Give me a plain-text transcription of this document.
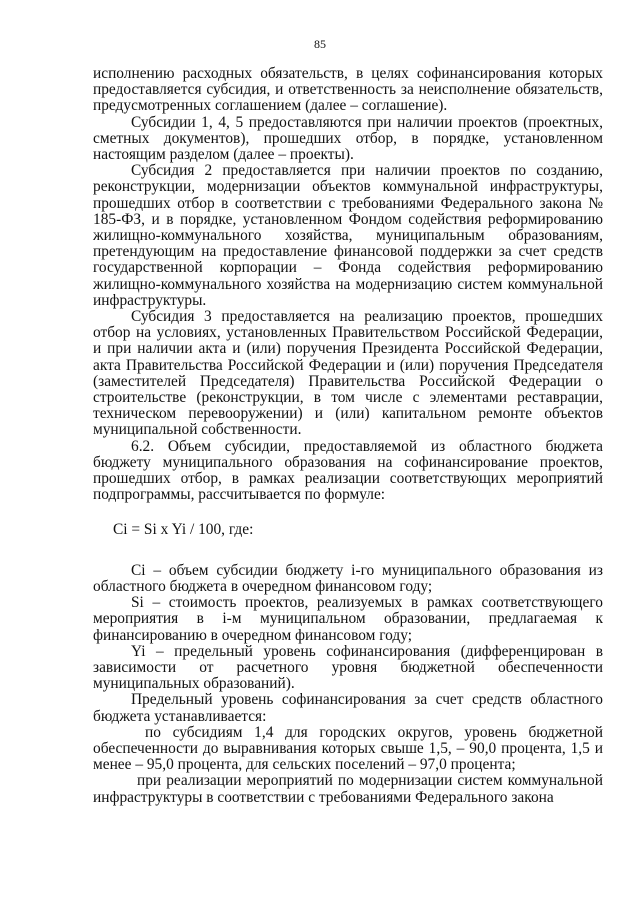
85

исполнению расходных обязательств, в целях софинансирования которых предоставляется субсидия, и ответственность за неисполнение обязательств, предусмотренных соглашением (далее – соглашение).

Субсидии 1, 4, 5 предоставляются при наличии проектов (проектных, сметных документов), прошедших отбор, в порядке, установленном настоящим разделом (далее – проекты).

Субсидия 2 предоставляется при наличии проектов по созданию, реконструкции, модернизации объектов коммунальной инфраструктуры, прошедших отбор в соответствии с требованиями Федерального закона № 185-ФЗ, и в порядке, установленном Фондом содействия реформированию жилищно-коммунального хозяйства, муниципальным образованиям, претендующим на предоставление финансовой поддержки за счет средств государственной корпорации – Фонда содействия реформированию жилищно-коммунального хозяйства на модернизацию систем коммунальной инфраструктуры.

Субсидия 3 предоставляется на реализацию проектов, прошедших отбор на условиях, установленных Правительством Российской Федерации, и при наличии акта и (или) поручения Президента Российской Федерации, акта Правительства Российской Федерации и (или) поручения Председателя (заместителей Председателя) Правительства Российской Федерации о строительстве (реконструкции, в том числе с элементами реставрации, техническом перевооружении) и (или) капитальном ремонте объектов муниципальной собственности.

6.2. Объем субсидии, предоставляемой из областного бюджета бюджету муниципального образования на софинансирование проектов, прошедших отбор, в рамках реализации соответствующих мероприятий подпрограммы, рассчитывается по формуле:

Ci = Si x Yi / 100, где:

Ci – объем субсидии бюджету i-го муниципального образования из областного бюджета в очередном финансовом году;

Si – стоимость проектов, реализуемых в рамках соответствующего мероприятия в i-м муниципальном образовании, предлагаемая к финансированию в очередном финансовом году;

Yi – предельный уровень софинансирования (дифференцирован в зависимости от расчетного уровня бюджетной обеспеченности муниципальных образований).

Предельный уровень софинансирования за счет средств областного бюджета устанавливается:

по субсидиям 1,4 для городских округов, уровень бюджетной обеспеченности до выравнивания которых свыше 1,5, – 90,0 процента, 1,5 и менее – 95,0 процента, для сельских поселений – 97,0 процента;

при реализации мероприятий по модернизации систем коммунальной инфраструктуры в соответствии с требованиями Федерального закона
